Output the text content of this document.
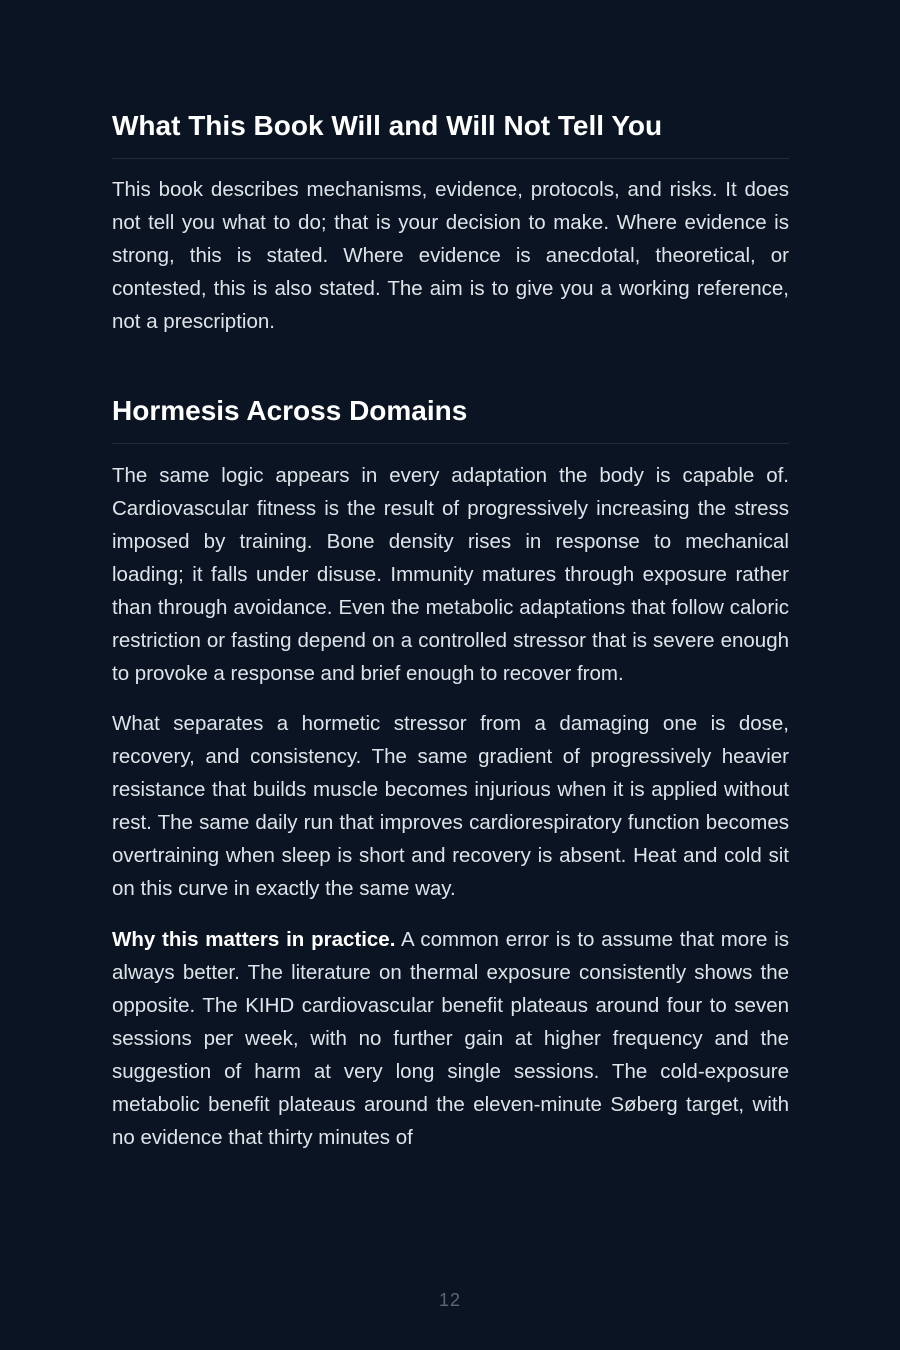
What This Book Will and Will Not Tell You

This book describes mechanisms, evidence, protocols, and risks. It does not tell you what to do; that is your decision to make. Where evidence is strong, this is stated. Where evidence is anecdotal, theoretical, or contested, this is also stated. The aim is to give you a working reference, not a prescription.

Hormesis Across Domains

The same logic appears in every adaptation the body is capable of. Cardiovascular fitness is the result of progressively increasing the stress imposed by training. Bone density rises in response to mechanical loading; it falls under disuse. Immunity matures through exposure rather than through avoidance. Even the metabolic adaptations that follow caloric restriction or fasting depend on a controlled stressor that is severe enough to provoke a response and brief enough to recover from.

What separates a hormetic stressor from a damaging one is dose, recovery, and consistency. The same gradient of progressively heavier resistance that builds muscle becomes injurious when it is applied without rest. The same daily run that improves cardiorespiratory function becomes overtraining when sleep is short and recovery is absent. Heat and cold sit on this curve in exactly the same way.

Why this matters in practice. A common error is to assume that more is always better. The literature on thermal exposure consistently shows the opposite. The KIHD cardiovascular benefit plateaus around four to seven sessions per week, with no further gain at higher frequency and the suggestion of harm at very long single sessions. The cold-exposure metabolic benefit plateaus around the eleven-minute Søberg target, with no evidence that thirty minutes of

12
